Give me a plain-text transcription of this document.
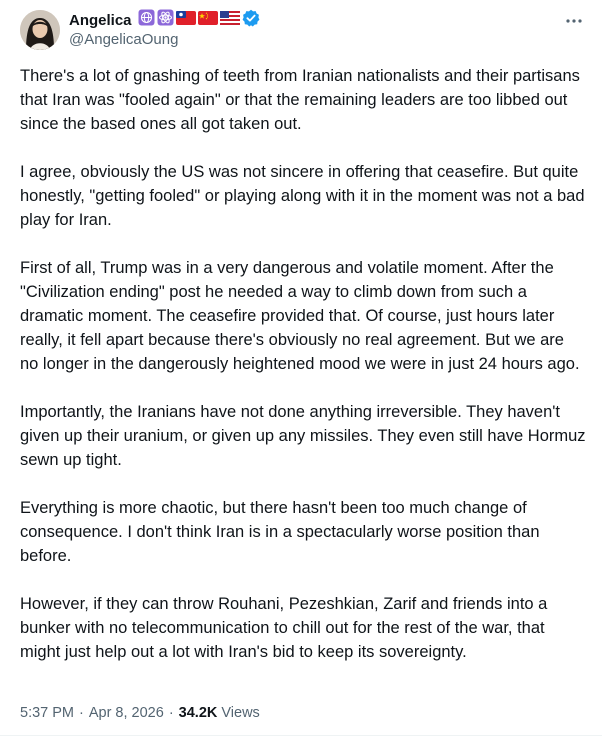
Angelica
@AngelicaOung

There's a lot of gnashing of teeth from Iranian nationalists and their partisans that Iran was "fooled again" or that the remaining leaders are too libbed out since the based ones all got taken out.

I agree, obviously the US was not sincere in offering that ceasefire. But quite honestly, "getting fooled" or playing along with it in the moment was not a bad play for Iran.

First of all, Trump was in a very dangerous and volatile moment. After the "Civilization ending" post he needed a way to climb down from such a dramatic moment. The ceasefire provided that. Of course, just hours later really, it fell apart because there's obviously no real agreement. But we are no longer in the dangerously heightened mood we were in just 24 hours ago.

Importantly, the Iranians have not done anything irreversible. They haven't given up their uranium, or given up any missiles. They even still have Hormuz sewn up tight.

Everything is more chaotic, but there hasn't been too much change of consequence. I don't think Iran is in a spectacularly worse position than before.

However, if they can throw Rouhani, Pezeshkian, Zarif and friends into a bunker with no telecommunication to chill out for the rest of the war, that might just help out a lot with Iran's bid to keep its sovereignty.

5:37 PM · Apr 8, 2026 · 34.2K Views
